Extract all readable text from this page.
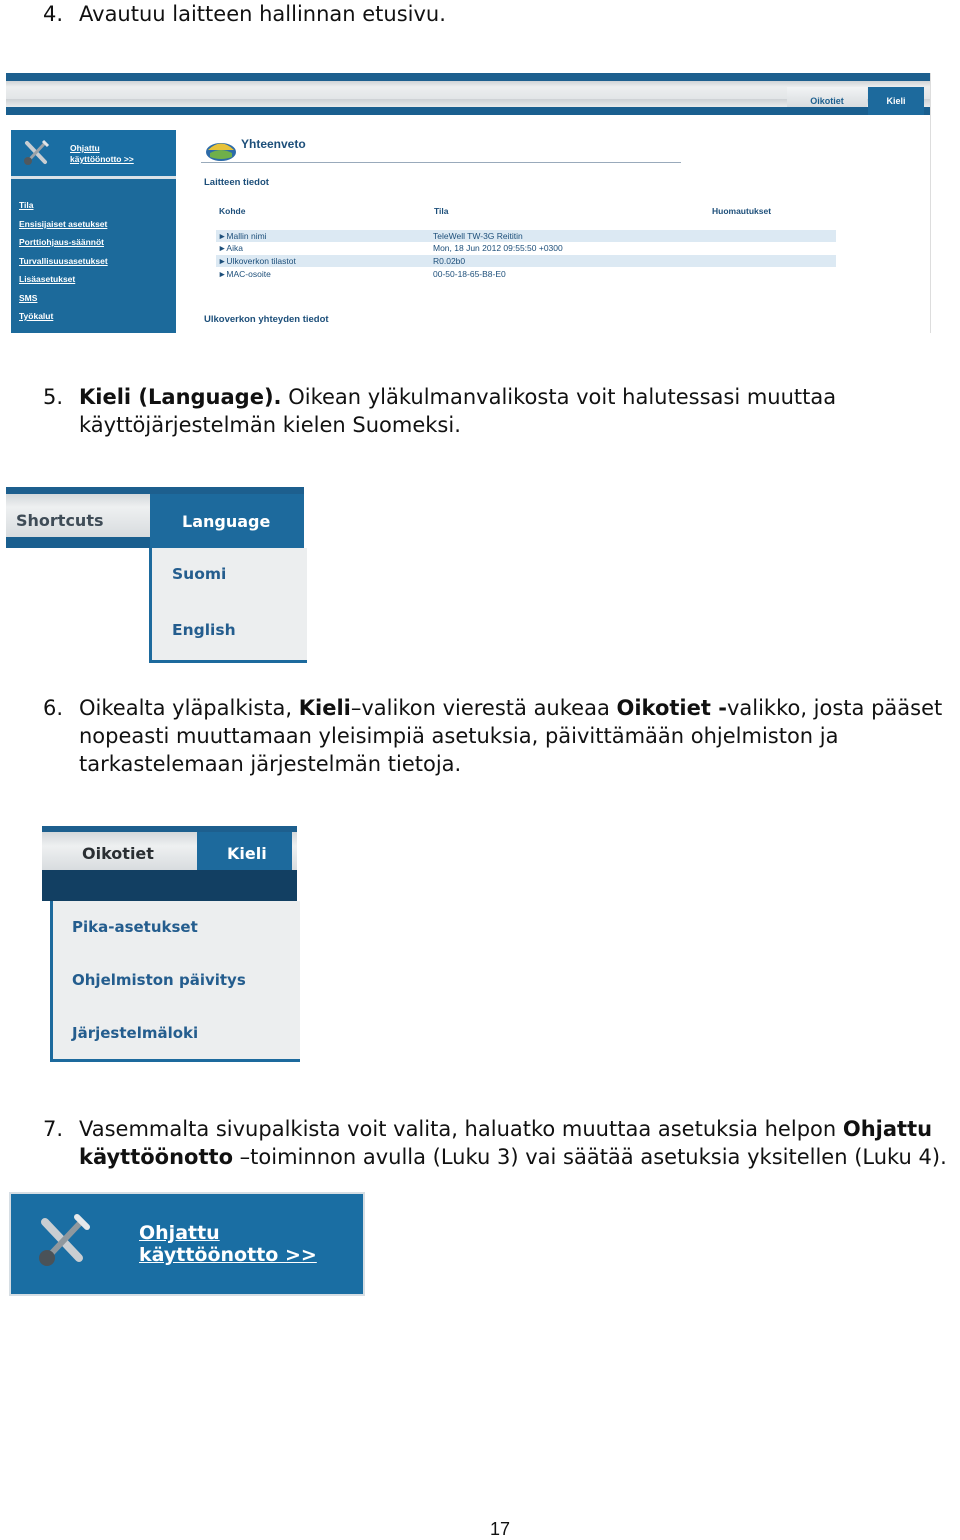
4. Avautuu laitteen hallinnan etusivu.
Oikotiet	Kieli
Ohjattu
käyttöönotto >>
Tila
Ensisijaiset asetukset
Porttiohjaus-säännöt
Turvallisuusasetukset
Lisäasetukset
SMS
Työkalut
Yhteenveto
Laitteen tiedot
Kohde	Tila	Huomautukset
►Mallin nimi	TeleWell TW-3G Reititin
►Aika	Mon, 18 Jun 2012 09:55:50 +0300
►Ulkoverkon tilastot	R0.02b0
►MAC-osoite	00-50-18-65-B8-E0
Ulkoverkon yhteyden tiedot
5. Kieli (Language). Oikean yläkulmanvalikosta voit halutessasi muuttaa
käyttöjärjestelmän kielen Suomeksi.
Shortcuts	Language
Suomi
English
6. Oikealta yläpalkista, Kieli–valikon vierestä aukeaa Oikotiet -valikko, josta pääset
nopeasti muuttamaan yleisimpiä asetuksia, päivittämään ohjelmiston ja
tarkastelemaan järjestelmän tietoja.
Oikotiet	Kieli
Pika-asetukset
Ohjelmiston päivitys
Järjestelmäloki
7. Vasemmalta sivupalkista voit valita, haluatko muuttaa asetuksia helpon Ohjattu
käyttöönotto –toiminnon avulla (Luku 3) vai säätää asetuksia yksitellen (Luku 4).
Ohjattu
käyttöönotto >>
17
